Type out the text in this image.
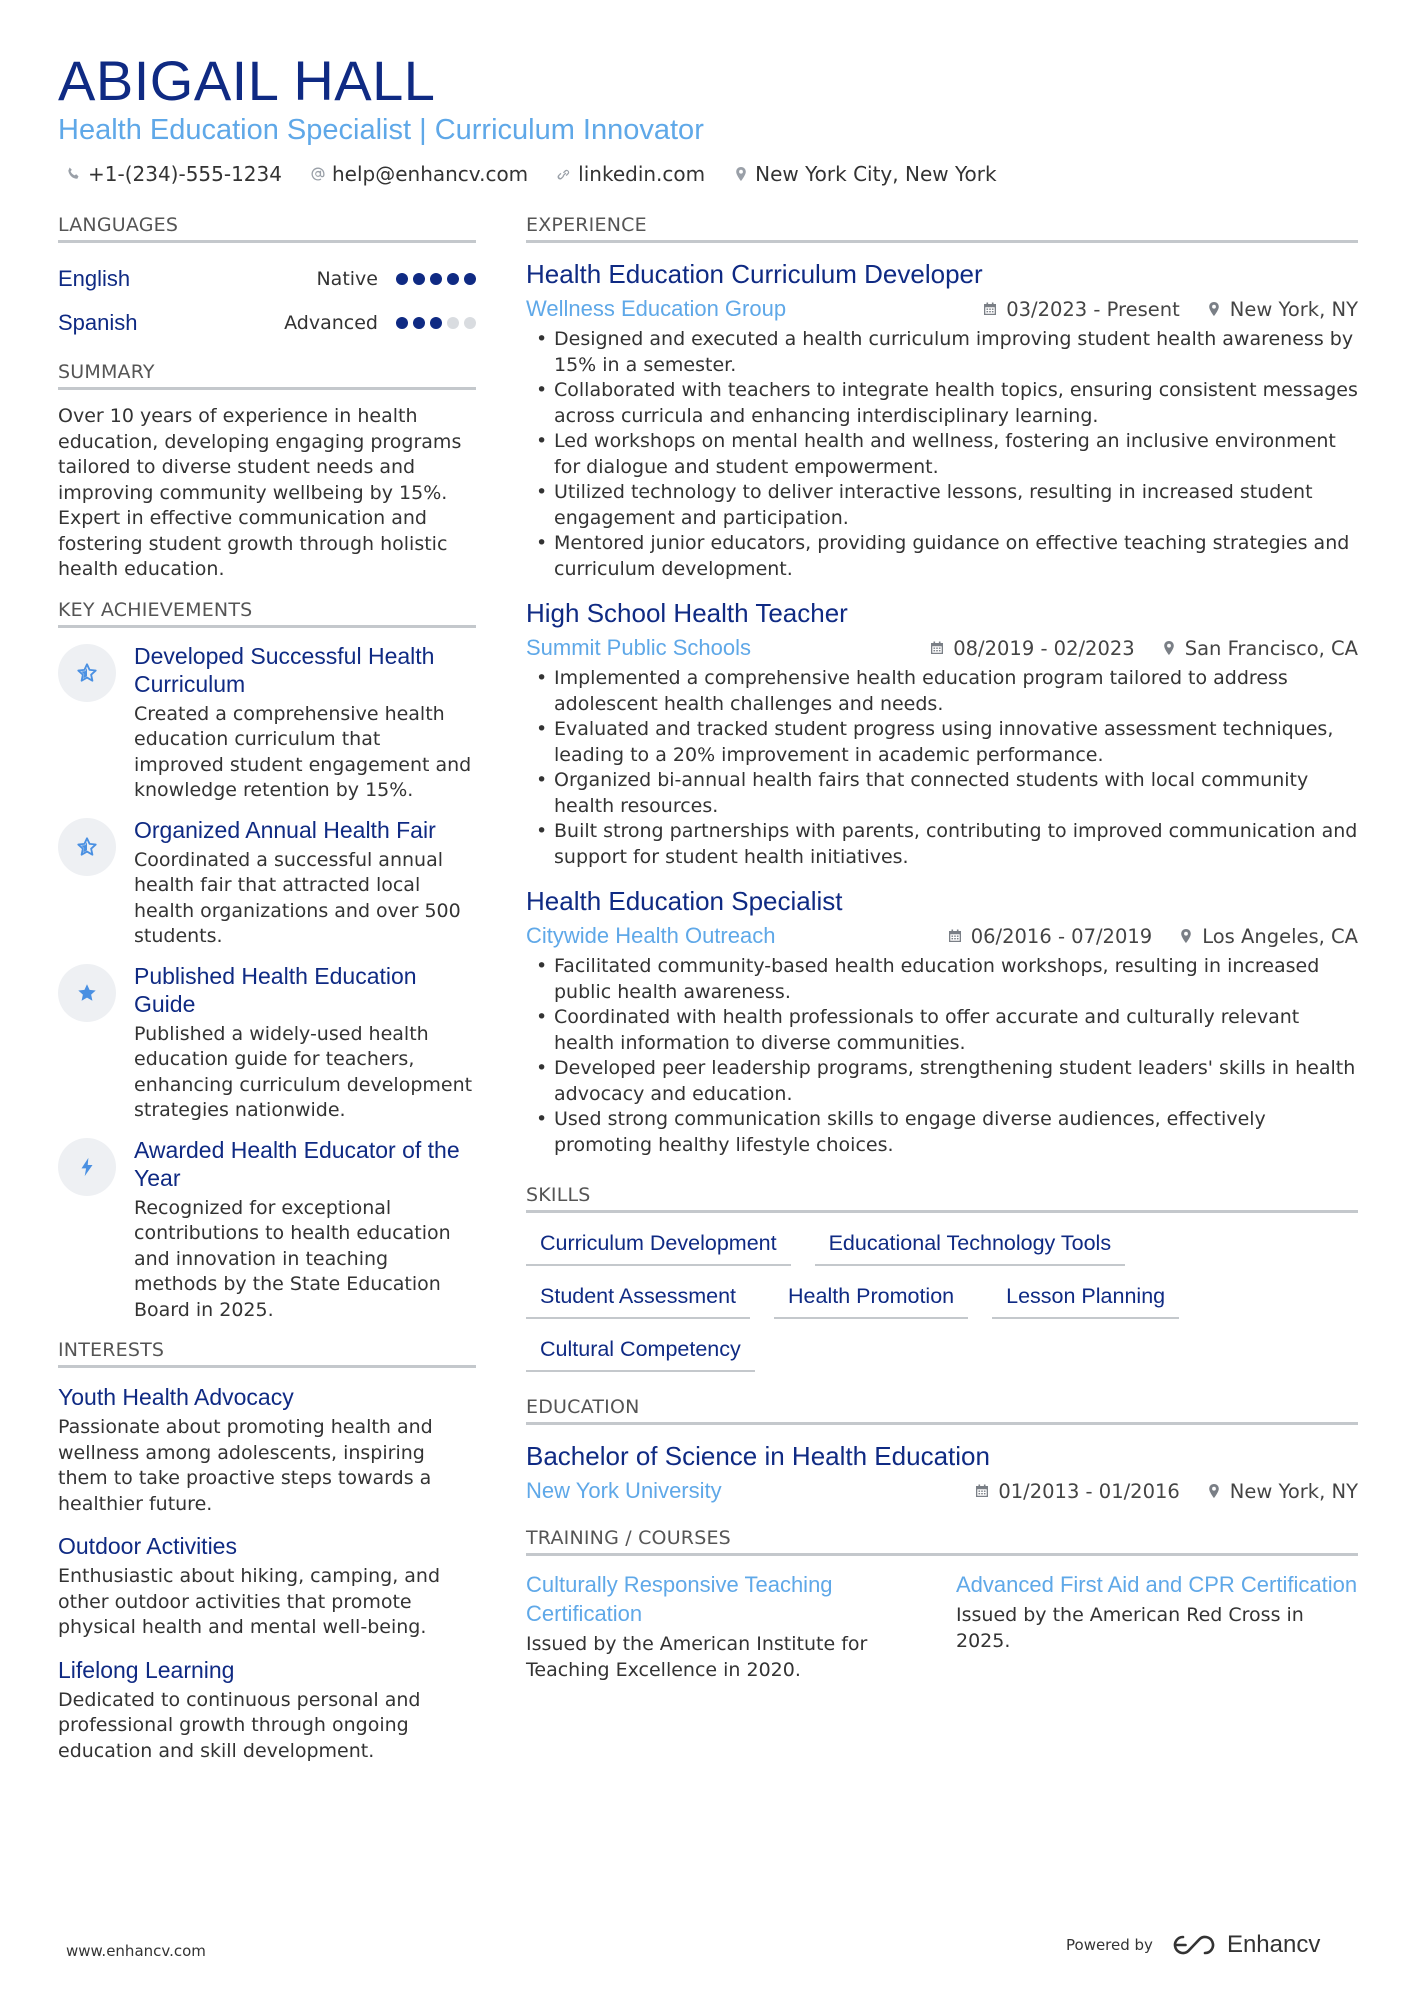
ABIGAIL HALL
Health Education Specialist | Curriculum Innovator
+1-(234)-555-1234	help@enhancv.com	linkedin.com	New York City, New York
LANGUAGES
English	Native
Spanish	Advanced
SUMMARY
Over 10 years of experience in health education, developing engaging programs tailored to diverse student needs and improving community wellbeing by 15%. Expert in effective communication and fostering student growth through holistic health education.
KEY ACHIEVEMENTS
Developed Successful Health Curriculum
Created a comprehensive health education curriculum that improved student engagement and knowledge retention by 15%.
Organized Annual Health Fair
Coordinated a successful annual health fair that attracted local health organizations and over 500 students.
Published Health Education Guide
Published a widely-used health education guide for teachers, enhancing curriculum development strategies nationwide.
Awarded Health Educator of the Year
Recognized for exceptional contributions to health education and innovation in teaching methods by the State Education Board in 2025.
INTERESTS
Youth Health Advocacy
Passionate about promoting health and wellness among adolescents, inspiring them to take proactive steps towards a healthier future.
Outdoor Activities
Enthusiastic about hiking, camping, and other outdoor activities that promote physical health and mental well-being.
Lifelong Learning
Dedicated to continuous personal and professional growth through ongoing education and skill development.
EXPERIENCE
Health Education Curriculum Developer
Wellness Education Group	03/2023 - Present	New York, NY
• Designed and executed a health curriculum improving student health awareness by 15% in a semester.
• Collaborated with teachers to integrate health topics, ensuring consistent messages across curricula and enhancing interdisciplinary learning.
• Led workshops on mental health and wellness, fostering an inclusive environment for dialogue and student empowerment.
• Utilized technology to deliver interactive lessons, resulting in increased student engagement and participation.
• Mentored junior educators, providing guidance on effective teaching strategies and curriculum development.
High School Health Teacher
Summit Public Schools	08/2019 - 02/2023	San Francisco, CA
• Implemented a comprehensive health education program tailored to address adolescent health challenges and needs.
• Evaluated and tracked student progress using innovative assessment techniques, leading to a 20% improvement in academic performance.
• Organized bi-annual health fairs that connected students with local community health resources.
• Built strong partnerships with parents, contributing to improved communication and support for student health initiatives.
Health Education Specialist
Citywide Health Outreach	06/2016 - 07/2019	Los Angeles, CA
• Facilitated community-based health education workshops, resulting in increased public health awareness.
• Coordinated with health professionals to offer accurate and culturally relevant health information to diverse communities.
• Developed peer leadership programs, strengthening student leaders' skills in health advocacy and education.
• Used strong communication skills to engage diverse audiences, effectively promoting healthy lifestyle choices.
SKILLS
Curriculum Development	Educational Technology Tools
Student Assessment	Health Promotion	Lesson Planning
Cultural Competency
EDUCATION
Bachelor of Science in Health Education
New York University	01/2013 - 01/2016	New York, NY
TRAINING / COURSES
Culturally Responsive Teaching Certification
Issued by the American Institute for Teaching Excellence in 2020.
Advanced First Aid and CPR Certification
Issued by the American Red Cross in 2025.
www.enhancv.com	Powered by	Enhancv
